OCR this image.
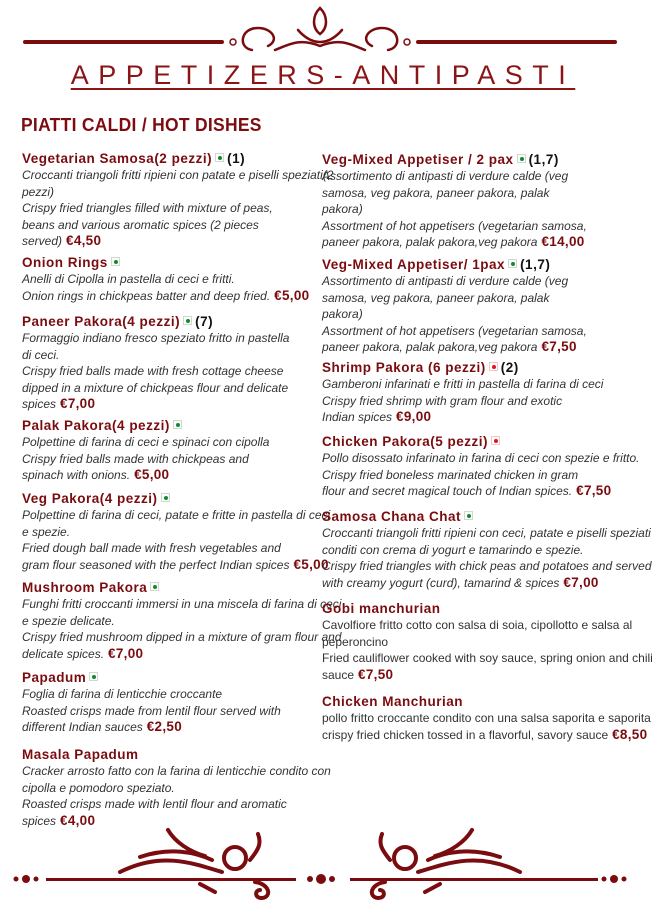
APPETIZERS-ANTIPASTI
PIATTI CALDI / HOT DISHES
Vegetarian Samosa(2 pezzi) (1)
Croccanti triangoli fritti ripieni con patate e piselli speziati(2
pezzi)
Crispy fried triangles filled with mixture of peas,
beans and various aromatic spices (2 pieces
served) €4,50
Onion Rings
Anelli di Cipolla in pastella di ceci e fritti.
Onion rings in chickpeas batter and deep fried. €5,00
Paneer Pakora(4 pezzi) (7)
Formaggio indiano fresco speziato fritto in pastella
di ceci.
Crispy fried balls made with fresh cottage cheese
dipped in a mixture of chickpeas flour and delicate
spices €7,00
Palak Pakora(4 pezzi)
Polpettine di farina di ceci e spinaci con cipolla
Crispy fried balls made with chickpeas and
spinach with onions. €5,00
Veg Pakora(4 pezzi)
Polpettine di farina di ceci, patate e fritte in pastella di ceci
e spezie.
Fried dough ball made with fresh vegetables and
gram flour seasoned with the perfect Indian spices €5,00
Mushroom Pakora
Funghi fritti croccanti immersi in una miscela di farina di ceci
e spezie delicate.
Crispy fried mushroom dipped in a mixture of gram flour and
delicate spices. €7,00
Papadum
Foglia di farina di lenticchie croccante
Roasted crisps made from lentil flour served with
different Indian sauces €2,50
Masala Papadum
Cracker arrosto fatto con la farina di lenticchie condito con
cipolla e pomodoro speziato.
Roasted crisps made with lentil flour and aromatic
spices €4,00
Veg-Mixed Appetiser / 2 pax (1,7)
Assortimento di antipasti di verdure calde (veg
samosa, veg pakora, paneer pakora, palak
pakora)
Assortment of hot appetisers (vegetarian samosa,
paneer pakora, palak pakora,veg pakora €14,00
Veg-Mixed Appetiser/ 1pax (1,7)
Assortimento di antipasti di verdure calde (veg
samosa, veg pakora, paneer pakora, palak
pakora)
Assortment of hot appetisers (vegetarian samosa,
paneer pakora, palak pakora,veg pakora €7,50
Shrimp Pakora (6 pezzi) (2)
Gamberoni infarinati e fritti in pastella di farina di ceci
Crispy fried shrimp with gram flour and exotic
Indian spices €9,00
Chicken Pakora(5 pezzi)
Pollo disossato infarinato in farina di ceci con spezie e fritto.
Crispy fried boneless marinated chicken in gram
flour and secret magical touch of Indian spices. €7,50
Samosa Chana Chat
Croccanti triangoli fritti ripieni con ceci, patate e piselli speziati
conditi con crema di yogurt e tamarindo e spezie.
Crispy fried triangles with chick peas and potatoes and served
with creamy yogurt (curd), tamarind & spices €7,00
Gobi manchurian
Cavolfiore fritto cotto con salsa di soia, cipollotto e salsa al
peperoncino
Fried cauliflower cooked with soy sauce, spring onion and chili
sauce €7,50
Chicken Manchurian
pollo fritto croccante condito con una salsa saporita e saporita
crispy fried chicken tossed in a flavorful, savory sauce €8,50
